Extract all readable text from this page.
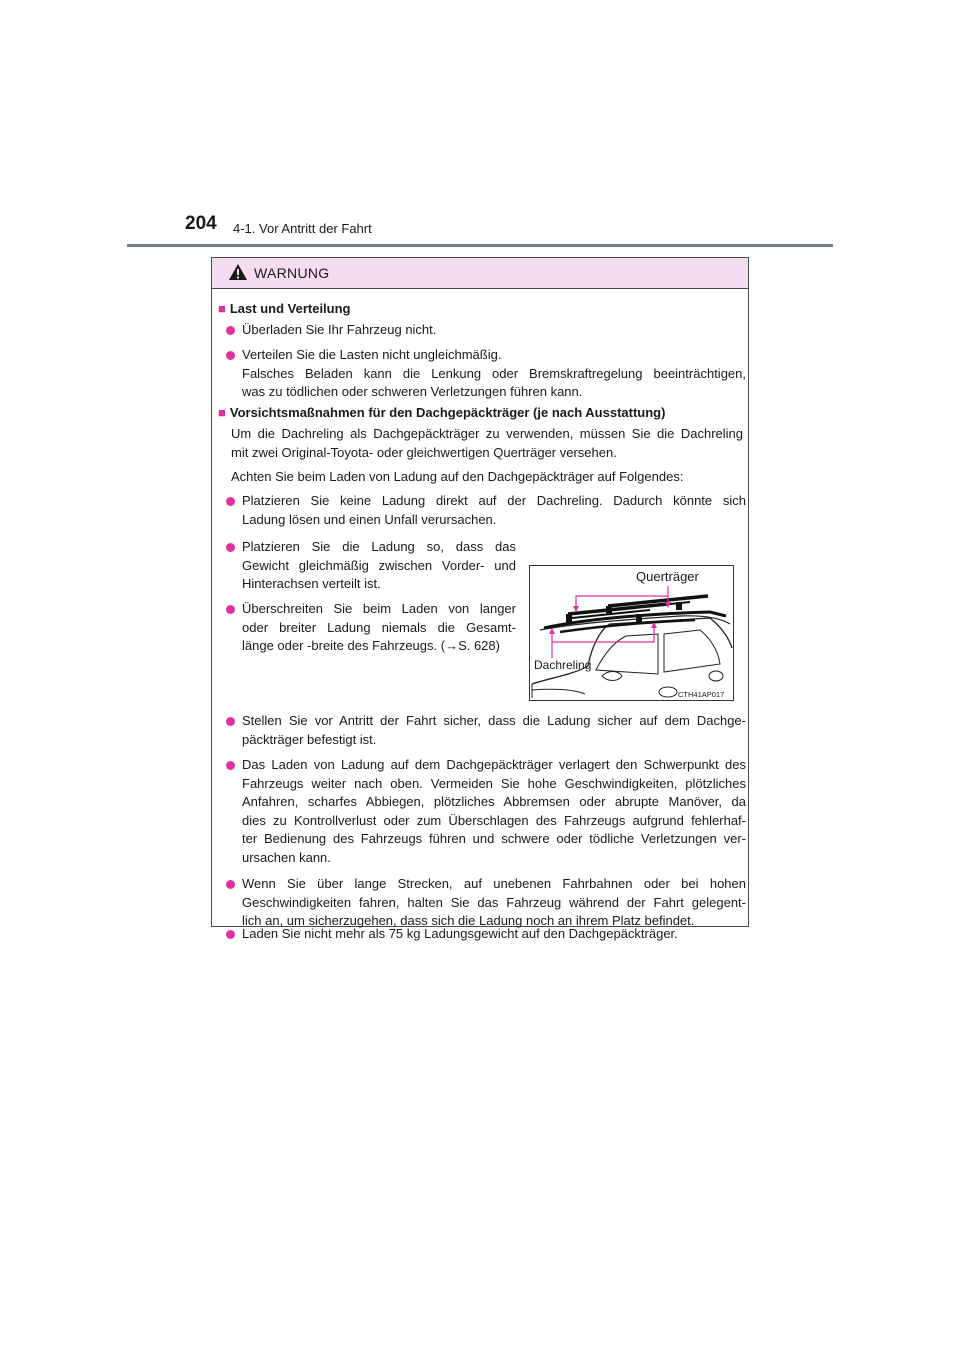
204 4-1. Vor Antritt der Fahrt
WARNUNG
■ Last und Verteilung
Überladen Sie Ihr Fahrzeug nicht.
Verteilen Sie die Lasten nicht ungleichmäßig.
Falsches Beladen kann die Lenkung oder Bremskraftregelung beeinträchtigen,
was zu tödlichen oder schweren Verletzungen führen kann.
■ Vorsichtsmaßnahmen für den Dachgepäckträger (je nach Ausstattung)
Um die Dachreling als Dachgepäckträger zu verwenden, müssen Sie die Dachreling
mit zwei Original-Toyota- oder gleichwertigen Querträger versehen.
Achten Sie beim Laden von Ladung auf den Dachgepäckträger auf Folgendes:
Platzieren Sie keine Ladung direkt auf der Dachreling. Dadurch könnte sich
Ladung lösen und einen Unfall verursachen.
Platzieren Sie die Ladung so, dass das
Gewicht gleichmäßig zwischen Vorder- und
Hinterachsen verteilt ist.
Überschreiten Sie beim Laden von langer
oder breiter Ladung niemals die Gesamt-
länge oder -breite des Fahrzeugs. (→S. 628)
Querträger
Dachreling
CTH41AP017
Stellen Sie vor Antritt der Fahrt sicher, dass die Ladung sicher auf dem Dachge-
päckträger befestigt ist.
Das Laden von Ladung auf dem Dachgepäckträger verlagert den Schwerpunkt des
Fahrzeugs weiter nach oben. Vermeiden Sie hohe Geschwindigkeiten, plötzliches
Anfahren, scharfes Abbiegen, plötzliches Abbremsen oder abrupte Manöver, da
dies zu Kontrollverlust oder zum Überschlagen des Fahrzeugs aufgrund fehlerhaf-
ter Bedienung des Fahrzeugs führen und schwere oder tödliche Verletzungen ver-
ursachen kann.
Wenn Sie über lange Strecken, auf unebenen Fahrbahnen oder bei hohen
Geschwindigkeiten fahren, halten Sie das Fahrzeug während der Fahrt gelegent-
lich an, um sicherzugehen, dass sich die Ladung noch an ihrem Platz befindet.
Laden Sie nicht mehr als 75 kg Ladungsgewicht auf den Dachgepäckträger.
